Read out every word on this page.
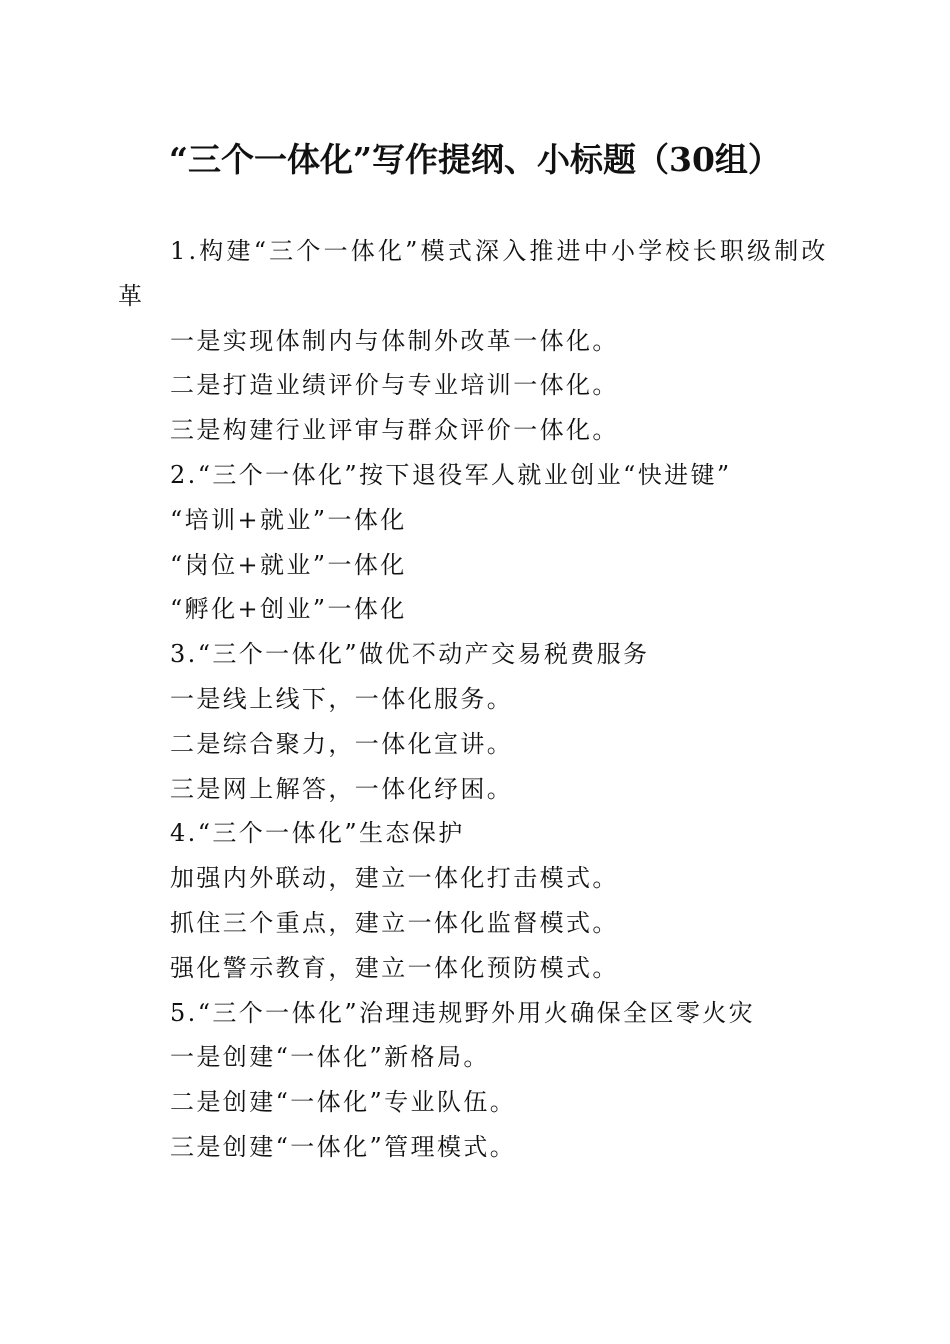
“三个一体化”写作提纲、小标题（30组）

1.构建“三个一体化”模式深入推进中小学校长职级制改革

一是实现体制内与体制外改革一体化。

二是打造业绩评价与专业培训一体化。

三是构建行业评审与群众评价一体化。

2.“三个一体化”按下退役军人就业创业“快进键”

“培训+就业”一体化

“岗位+就业”一体化

“孵化+创业”一体化

3.“三个一体化”做优不动产交易税费服务

一是线上线下，一体化服务。

二是综合聚力，一体化宣讲。

三是网上解答，一体化纾困。

4.“三个一体化”生态保护

加强内外联动，建立一体化打击模式。

抓住三个重点，建立一体化监督模式。

强化警示教育，建立一体化预防模式。

5.“三个一体化”治理违规野外用火确保全区零火灾

一是创建“一体化”新格局。

二是创建“一体化”专业队伍。

三是创建“一体化”管理模式。
